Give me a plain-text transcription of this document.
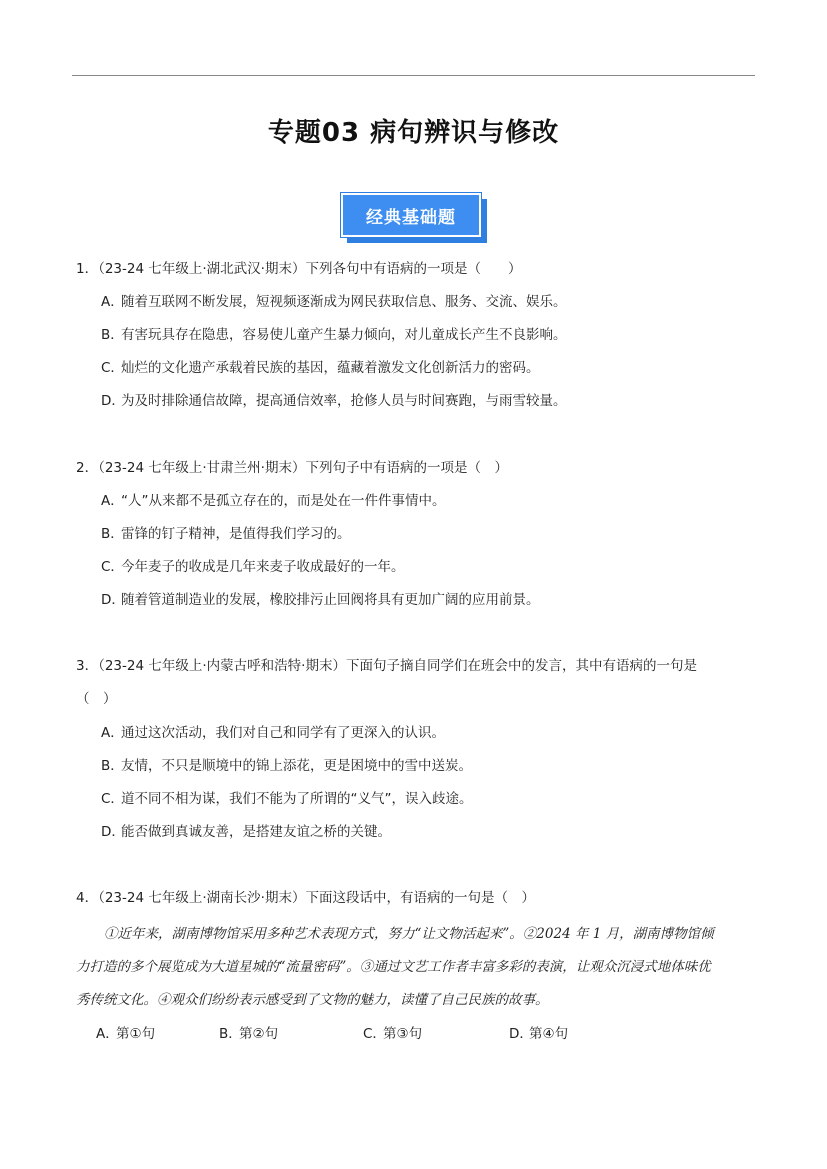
专题03 病句辨识与修改
经典基础题
1．（23-24 七年级上·湖北武汉·期末）下列各句中有语病的一项是（　　）
A．随着互联网不断发展，短视频逐渐成为网民获取信息、服务、交流、娱乐。
B．有害玩具存在隐患，容易使儿童产生暴力倾向，对儿童成长产生不良影响。
C．灿烂的文化遗产承载着民族的基因，蕴藏着激发文化创新活力的密码。
D．为及时排除通信故障，提高通信效率，抢修人员与时间赛跑，与雨雪较量。
2．（23-24 七年级上·甘肃兰州·期末）下列句子中有语病的一项是（　）
A．“人”从来都不是孤立存在的，而是处在一件件事情中。
B．雷锋的钉子精神，是值得我们学习的。
C．今年麦子的收成是几年来麦子收成最好的一年。
D．随着管道制造业的发展，橡胶排污止回阀将具有更加广阔的应用前景。
3．（23-24 七年级上·内蒙古呼和浩特·期末）下面句子摘自同学们在班会中的发言，其中有语病的一句是
（　）
A．通过这次活动，我们对自己和同学有了更深入的认识。
B．友情，不只是顺境中的锦上添花，更是困境中的雪中送炭。
C．道不同不相为谋，我们不能为了所谓的“义气”，误入歧途。
D．能否做到真诚友善，是搭建友谊之桥的关键。
4．（23-24 七年级上·湖南长沙·期末）下面这段话中，有语病的一句是（　）
①近年来，湖南博物馆采用多种艺术表现方式，努力“让文物活起来”。②2024 年 1 月，湖南博物馆倾
力打造的多个展览成为大道星城的“流量密码”。③通过文艺工作者丰富多彩的表演，让观众沉浸式地体味优
秀传统文化。④观众们纷纷表示感受到了文物的魅力，读懂了自己民族的故事。
A．第①句	B．第②句	C．第③句	D．第④句
